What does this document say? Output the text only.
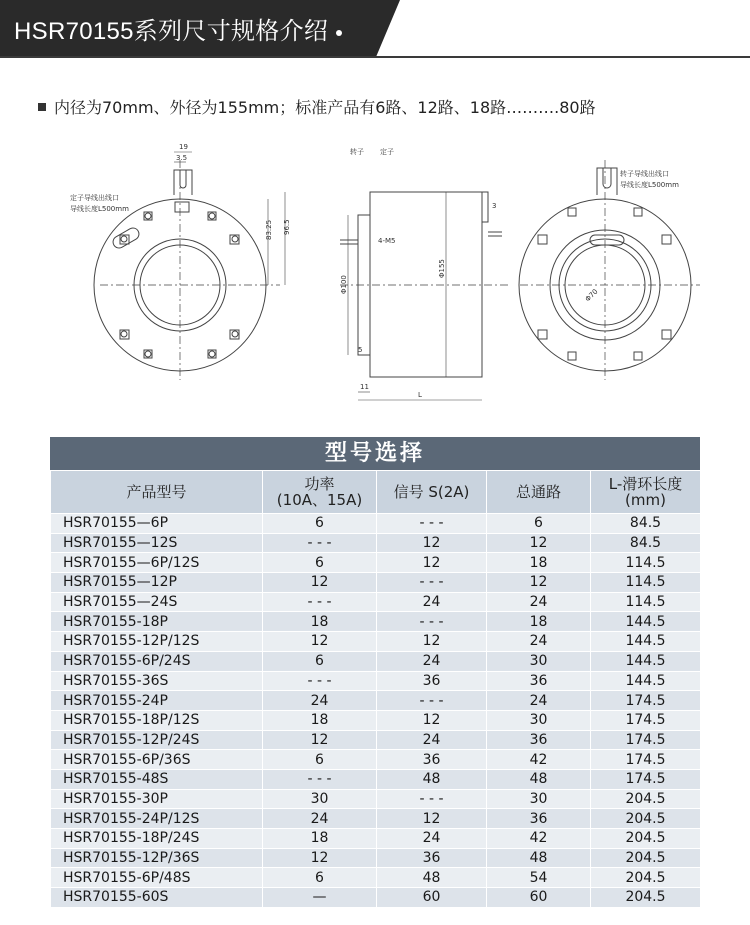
HSR70155系列尺寸规格介绍
内径为70mm、外径为155mm；标准产品有6路、12路、18路……….80路
定子导线出线口
导线长度L500mm
19
3.5
83.25 96.5
转子 定子
4-M5
Φ155
Φ100
3
5
11
L
转子导线出线口
导线长度L500mm
Φ70
型号选择
产品型号	功率
(10A、15A)	信号 S(2A)	总通路	L-滑环长度
(mm)
HSR70155—6P	6	- - -	6	84.5
HSR70155—12S	- - -	12	12	84.5
HSR70155—6P/12S	6	12	18	114.5
HSR70155—12P	12	- - -	12	114.5
HSR70155—24S	- - -	24	24	114.5
HSR70155-18P	18	- - -	18	144.5
HSR70155-12P/12S	12	12	24	144.5
HSR70155-6P/24S	6	24	30	144.5
HSR70155-36S	- - -	36	36	144.5
HSR70155-24P	24	- - -	24	174.5
HSR70155-18P/12S	18	12	30	174.5
HSR70155-12P/24S	12	24	36	174.5
HSR70155-6P/36S	6	36	42	174.5
HSR70155-48S	- - -	48	48	174.5
HSR70155-30P	30	- - -	30	204.5
HSR70155-24P/12S	24	12	36	204.5
HSR70155-18P/24S	18	24	42	204.5
HSR70155-12P/36S	12	36	48	204.5
HSR70155-6P/48S	6	48	54	204.5
HSR70155-60S	—	60	60	204.5
